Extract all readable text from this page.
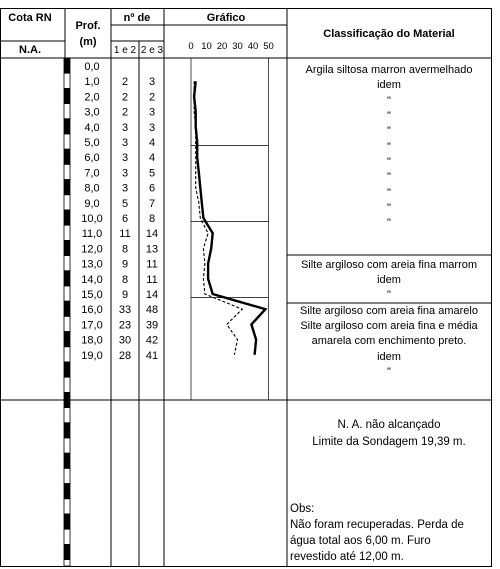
Cota RN
N.A.
Prof.
(m)
nº de
1 e 2 2 e 3
Gráfico
Classificação do Material
0 10 20 30 40 50
0,0
1,0 2 3
2,0 2 2
3,0 2 3
4,0 3 3
5,0 3 4
6,0 3 4
7,0 3 5
8,0 3 6
9,0 5 7
10,0 6 8
11,0 11 14
12,0 8 13
13,0 9 11
14,0 8 11
15,0 9 14
16,0 33 48
17,0 23 39
18,0 30 42
19,0 28 41
Argila siltosa marron avermelhado
idem
"
"
"
"
"
"
"
"
"
Silte argiloso com areia fina marrom
idem
"
Silte argiloso com areia fina amarelo
Silte argiloso com areia fina e média
amarela com enchimento preto.
idem
"
N. A. não alcançado
Limite da Sondagem 19,39 m.
Obs:
Não foram recuperadas. Perda de
água total aos 6,00 m. Furo
revestido até 12,00 m.
